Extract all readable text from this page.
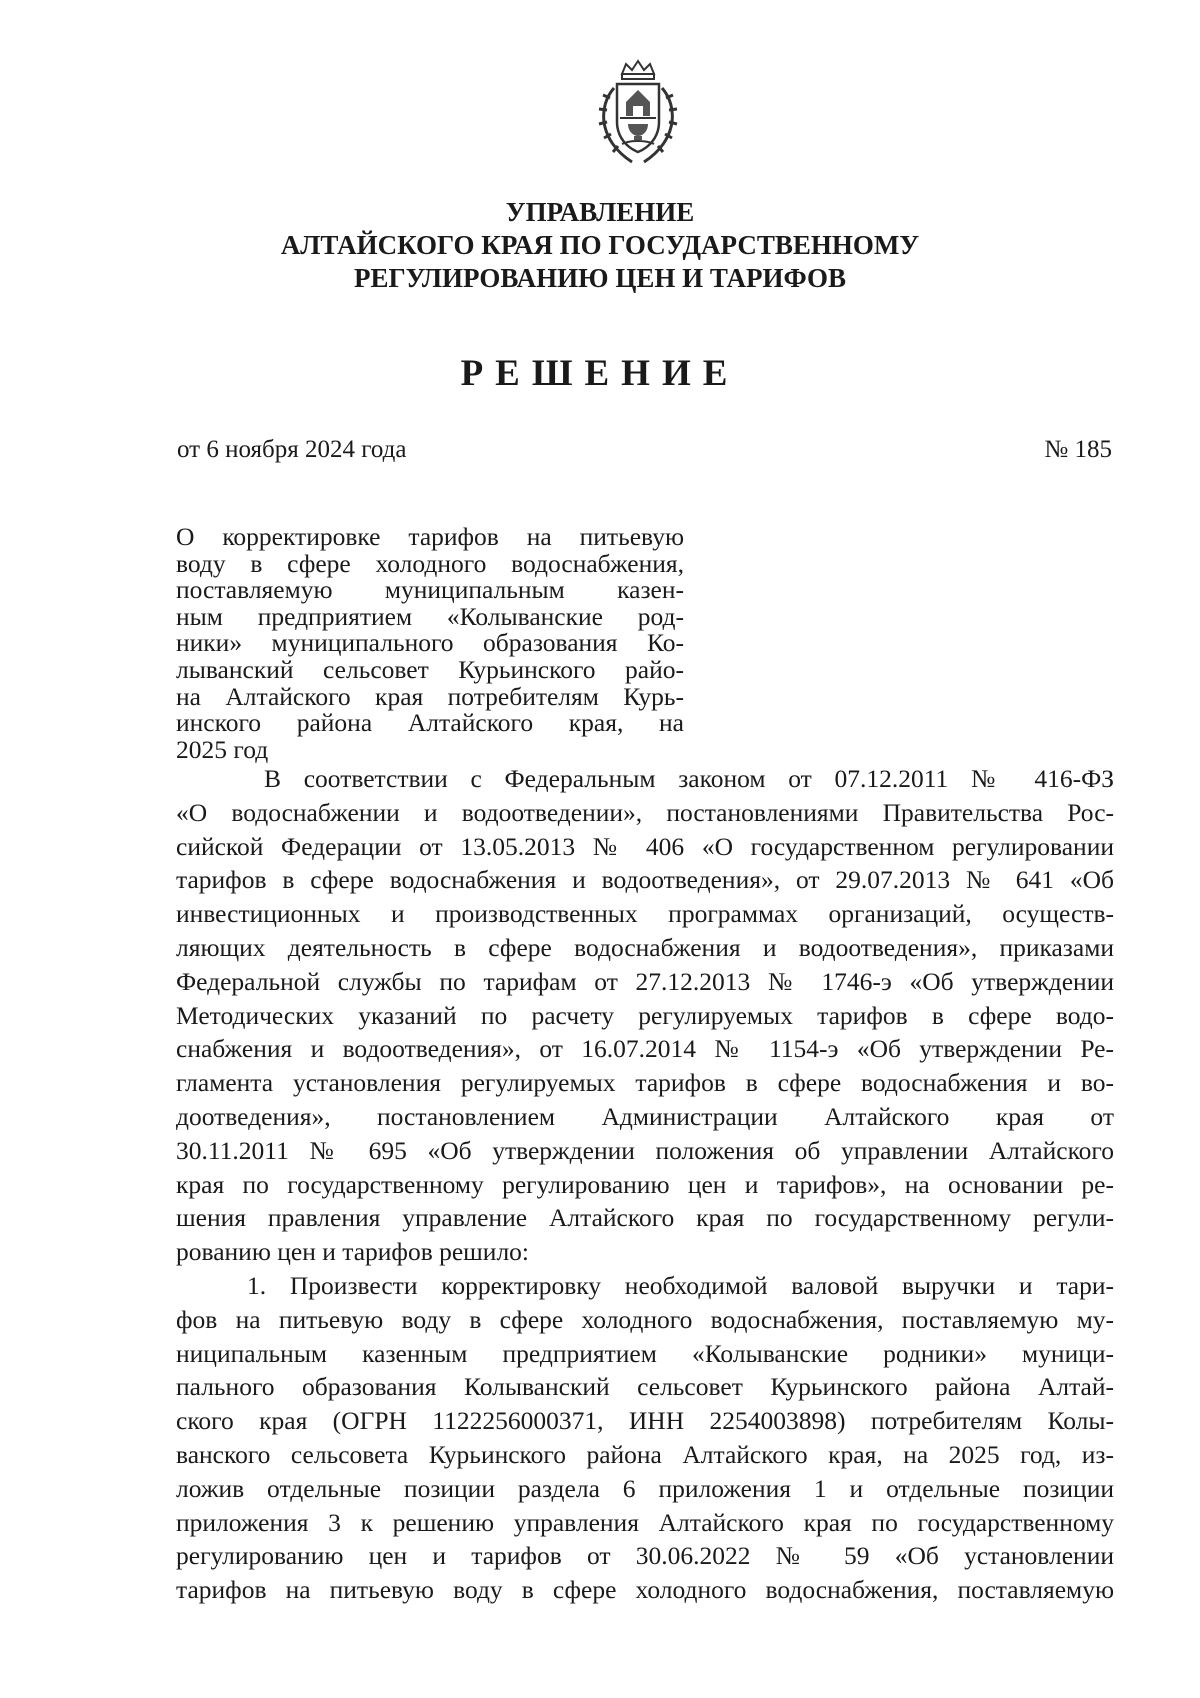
УПРАВЛЕНИЕ
АЛТАЙСКОГО КРАЯ ПО ГОСУДАРСТВЕННОМУ
РЕГУЛИРОВАНИЮ ЦЕН И ТАРИФОВ
РЕШЕНИЕ
от 6 ноября 2024 года	№ 185
О корректировке тарифов на питьевую
воду в сфере холодного водоснабжения,
поставляемую муниципальным казен-
ным предприятием «Колыванские род-
ники» муниципального образования Ко-
лыванский сельсовет Курьинского райо-
на Алтайского края потребителям Курь-
инского района Алтайского края, на
2025 год
В соответствии с Федеральным законом от 07.12.2011 № 416-ФЗ
«О водоснабжении и водоотведении», постановлениями Правительства Рос-
сийской Федерации от 13.05.2013 № 406 «О государственном регулировании
тарифов в сфере водоснабжения и водоотведения», от 29.07.2013 № 641 «Об
инвестиционных и производственных программах организаций, осуществ-
ляющих деятельность в сфере водоснабжения и водоотведения», приказами
Федеральной службы по тарифам от 27.12.2013 № 1746-э «Об утверждении
Методических указаний по расчету регулируемых тарифов в сфере водо-
снабжения и водоотведения», от 16.07.2014 № 1154-э «Об утверждении Ре-
гламента установления регулируемых тарифов в сфере водоснабжения и во-
доотведения», постановлением Администрации Алтайского края от
30.11.2011 № 695 «Об утверждении положения об управлении Алтайского
края по государственному регулированию цен и тарифов», на основании ре-
шения правления управление Алтайского края по государственному регули-
рованию цен и тарифов решило:
1. Произвести корректировку необходимой валовой выручки и тари-
фов на питьевую воду в сфере холодного водоснабжения, поставляемую му-
ниципальным казенным предприятием «Колыванские родники» муници-
пального образования Колыванский сельсовет Курьинского района Алтай-
ского края (ОГРН 1122256000371, ИНН 2254003898) потребителям Колы-
ванского сельсовета Курьинского района Алтайского края, на 2025 год, из-
ложив отдельные позиции раздела 6 приложения 1 и отдельные позиции
приложения 3 к решению управления Алтайского края по государственному
регулированию цен и тарифов от 30.06.2022 № 59 «Об установлении
тарифов на питьевую воду в сфере холодного водоснабжения, поставляемую
